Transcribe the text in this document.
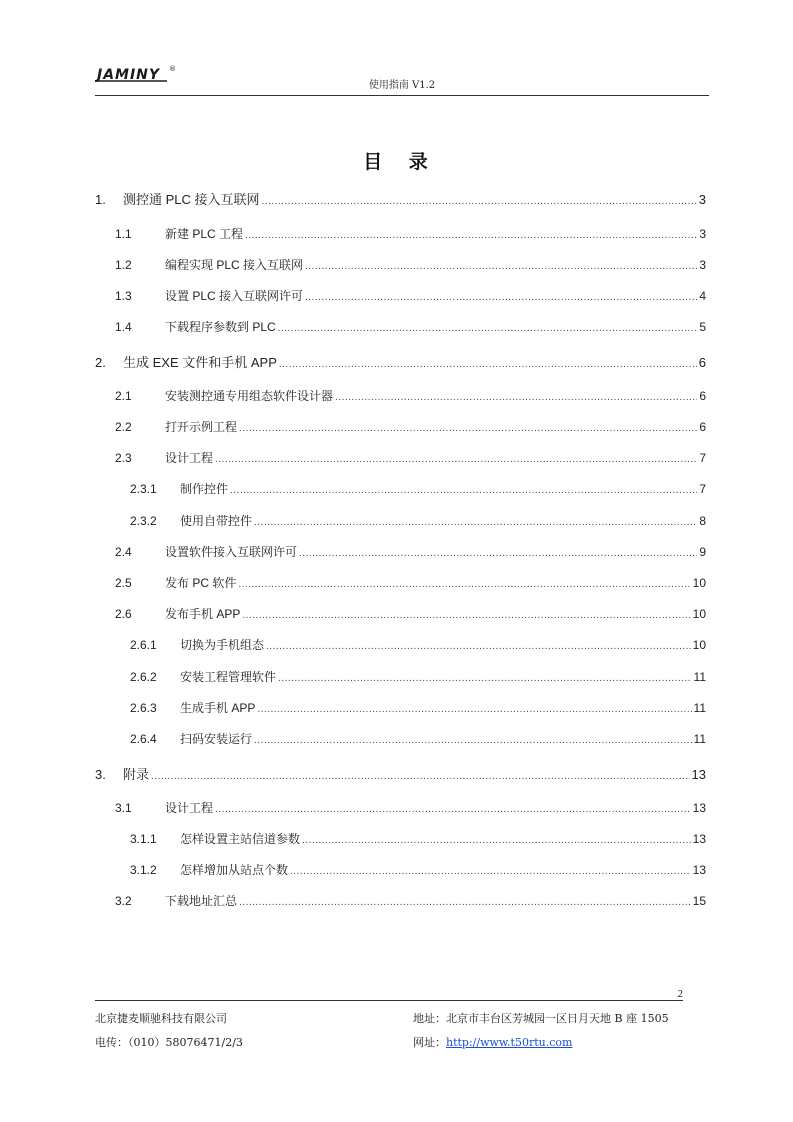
JAMINY ®
使用指南 V1.2
目 录
1.	测控通 PLC 接入互联网 .....	3
1.1	新建 PLC 工程 .....	3
1.2	编程实现 PLC 接入互联网 .....	3
1.3	设置 PLC 接入互联网许可 .....	4
1.4	下载程序参数到 PLC .....	5
2.	生成 EXE 文件和手机 APP .....	6
2.1	安装测控通专用组态软件设计器 .....	6
2.2	打开示例工程 .....	6
2.3	设计工程 .....	7
2.3.1	制作控件 .....	7
2.3.2	使用自带控件 .....	8
2.4	设置软件接入互联网许可 .....	9
2.5	发布 PC 软件 .....	10
2.6	发布手机 APP .....	10
2.6.1	切换为手机组态 .....	10
2.6.2	安装工程管理软件 .....	11
2.6.3	生成手机 APP .....	11
2.6.4	扫码安装运行 .....	11
3.	附录 .....	13
3.1	设计工程 .....	13
3.1.1	怎样设置主站信道参数 .....	13
3.1.2	怎样增加从站点个数 .....	13
3.2	下载地址汇总 .....	15
2
北京捷麦顺驰科技有限公司
电传：（010）58076471/2/3
地址：北京市丰台区芳城园一区日月天地 B 座 1505
网址：http://www.t50rtu.com
